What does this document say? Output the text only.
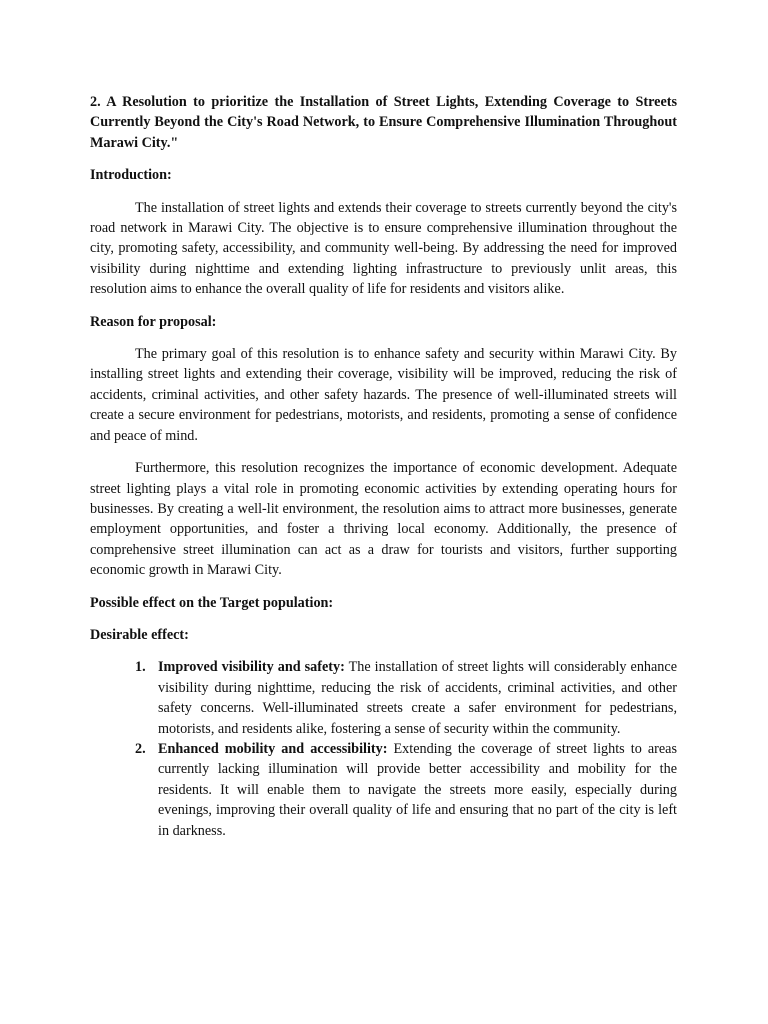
2. A Resolution to prioritize the Installation of Street Lights, Extending Coverage to Streets Currently Beyond the City's Road Network, to Ensure Comprehensive Illumination Throughout Marawi City."

Introduction:

The installation of street lights and extends their coverage to streets currently beyond the city's road network in Marawi City. The objective is to ensure comprehensive illumination throughout the city, promoting safety, accessibility, and community well-being. By addressing the need for improved visibility during nighttime and extending lighting infrastructure to previously unlit areas, this resolution aims to enhance the overall quality of life for residents and visitors alike.

Reason for proposal:

The primary goal of this resolution is to enhance safety and security within Marawi City. By installing street lights and extending their coverage, visibility will be improved, reducing the risk of accidents, criminal activities, and other safety hazards. The presence of well-illuminated streets will create a secure environment for pedestrians, motorists, and residents, promoting a sense of confidence and peace of mind.

Furthermore, this resolution recognizes the importance of economic development. Adequate street lighting plays a vital role in promoting economic activities by extending operating hours for businesses. By creating a well-lit environment, the resolution aims to attract more businesses, generate employment opportunities, and foster a thriving local economy. Additionally, the presence of comprehensive street illumination can act as a draw for tourists and visitors, further supporting economic growth in Marawi City.

Possible effect on the Target population:

Desirable effect:

1. Improved visibility and safety: The installation of street lights will considerably enhance visibility during nighttime, reducing the risk of accidents, criminal activities, and other safety concerns. Well-illuminated streets create a safer environment for pedestrians, motorists, and residents alike, fostering a sense of security within the community.
2. Enhanced mobility and accessibility: Extending the coverage of street lights to areas currently lacking illumination will provide better accessibility and mobility for the residents. It will enable them to navigate the streets more easily, especially during evenings, improving their overall quality of life and ensuring that no part of the city is left in darkness.
